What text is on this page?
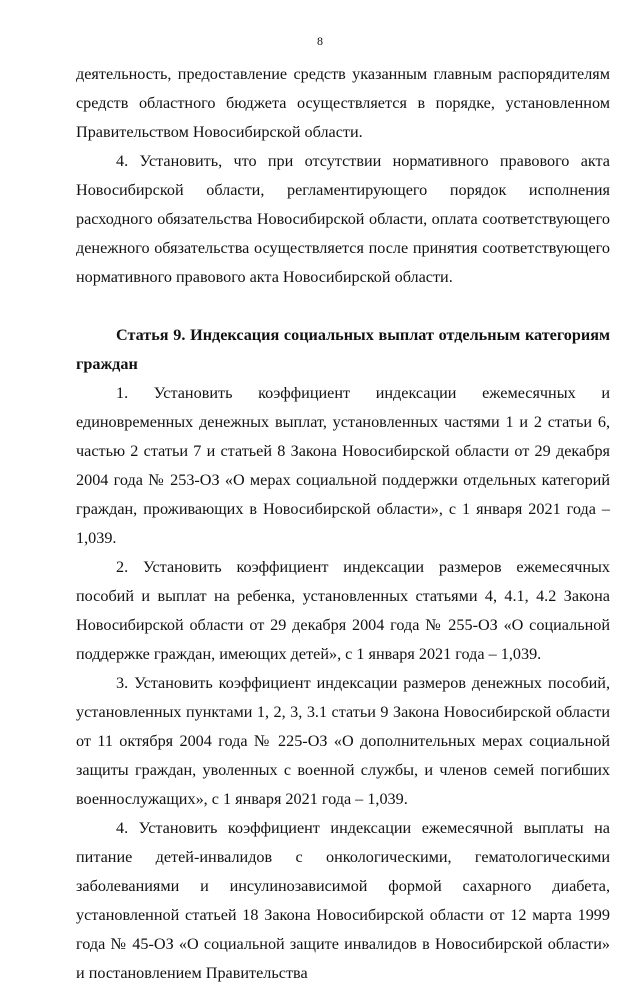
8

деятельность, предоставление средств указанным главным распорядителям средств областного бюджета осуществляется в порядке, установленном Правительством Новосибирской области.

4. Установить, что при отсутствии нормативного правового акта Новосибирской области, регламентирующего порядок исполнения расходного обязательства Новосибирской области, оплата соответствующего денежного обязательства осуществляется после принятия соответствующего нормативного правового акта Новосибирской области.

Статья 9. Индексация социальных выплат отдельным категориям граждан

1. Установить коэффициент индексации ежемесячных и единовременных денежных выплат, установленных частями 1 и 2 статьи 6, частью 2 статьи 7 и статьей 8 Закона Новосибирской области от 29 декабря 2004 года № 253-ОЗ «О мерах социальной поддержки отдельных категорий граждан, проживающих в Новосибирской области», с 1 января 2021 года – 1,039.

2. Установить коэффициент индексации размеров ежемесячных пособий и выплат на ребенка, установленных статьями 4, 4.1, 4.2 Закона Новосибирской области от 29 декабря 2004 года № 255-ОЗ «О социальной поддержке граждан, имеющих детей», с 1 января 2021 года – 1,039.

3. Установить коэффициент индексации размеров денежных пособий, установленных пунктами 1, 2, 3, 3.1 статьи 9 Закона Новосибирской области от 11 октября 2004 года № 225-ОЗ «О дополнительных мерах социальной защиты граждан, уволенных с военной службы, и членов семей погибших военнослужащих», с 1 января 2021 года – 1,039.

4. Установить коэффициент индексации ежемесячной выплаты на питание детей-инвалидов с онкологическими, гематологическими заболеваниями и инсулинозависимой формой сахарного диабета, установленной статьей 18 Закона Новосибирской области от 12 марта 1999 года № 45-ОЗ «О социальной защите инвалидов в Новосибирской области» и постановлением Правительства
